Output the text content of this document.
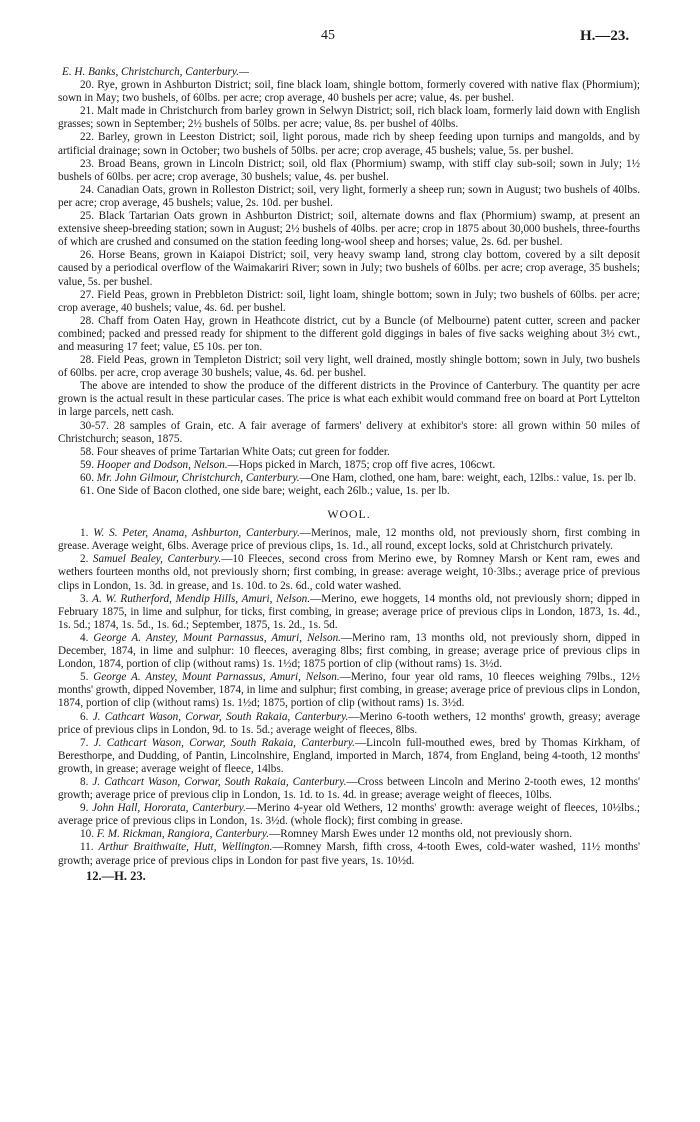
45	H.—23.

E. H. Banks, Christchurch, Canterbury.—

20. Rye, grown in Ashburton District; soil, fine black loam, shingle bottom, formerly covered with native flax (Phormium); sown in May; two bushels, of 60lbs. per acre; crop average, 40 bushels per acre; value, 4s. per bushel.

21. Malt made in Christchurch from barley grown in Selwyn District; soil, rich black loam, formerly laid down with English grasses; sown in September; 2½ bushels of 50lbs. per acre; value, 8s. per bushel of 40lbs.

22. Barley, grown in Leeston District; soil, light porous, made rich by sheep feeding upon turnips and mangolds, and by artificial drainage; sown in October; two bushels of 50lbs. per acre; crop average, 45 bushels; value, 5s. per bushel.

23. Broad Beans, grown in Lincoln District; soil, old flax (Phormium) swamp, with stiff clay sub-soil; sown in July; 1½ bushels of 60lbs. per acre; crop average, 30 bushels; value, 4s. per bushel.

24. Canadian Oats, grown in Rolleston District; soil, very light, formerly a sheep run; sown in August; two bushels of 40lbs. per acre; crop average, 45 bushels; value, 2s. 10d. per bushel.

25. Black Tartarian Oats grown in Ashburton District; soil, alternate downs and flax (Phormium) swamp, at present an extensive sheep-breeding station; sown in August; 2½ bushels of 40lbs. per acre; crop in 1875 about 30,000 bushels, three-fourths of which are crushed and consumed on the station feeding long-wool sheep and horses; value, 2s. 6d. per bushel.

26. Horse Beans, grown in Kaiapoi District; soil, very heavy swamp land, strong clay bottom, covered by a silt deposit caused by a periodical overflow of the Waimakariri River; sown in July; two bushels of 60lbs. per acre; crop average, 35 bushels; value, 5s. per bushel.

27. Field Peas, grown in Prebbleton District: soil, light loam, shingle bottom; sown in July; two bushels of 60lbs. per acre; crop average, 40 bushels; value, 4s. 6d. per bushel.

28. Chaff from Oaten Hay, grown in Heathcote district, cut by a Buncle (of Melbourne) patent cutter, screen and packer combined; packed and pressed ready for shipment to the different gold diggings in bales of five sacks weighing about 3½ cwt., and measuring 17 feet; value, £5 10s. per ton.

28. Field Peas, grown in Templeton District; soil very light, well drained, mostly shingle bottom; sown in July, two bushels of 60lbs. per acre, crop average 30 bushels; value, 4s. 6d. per bushel.

The above are intended to show the produce of the different districts in the Province of Canterbury. The quantity per acre grown is the actual result in these particular cases. The price is what each exhibit would command free on board at Port Lyttelton in large parcels, nett cash.

30-57. 28 samples of Grain, etc. A fair average of farmers' delivery at exhibitor's store: all grown within 50 miles of Christchurch; season, 1875.

58. Four sheaves of prime Tartarian White Oats; cut green for fodder.

59. Hooper and Dodson, Nelson.—Hops picked in March, 1875; crop off five acres, 106cwt.

60. Mr. John Gilmour, Christchurch, Canterbury.—One Ham, clothed, one ham, bare: weight, each, 12lbs.: value, 1s. per lb.

61. One Side of Bacon clothed, one side bare; weight, each 26lb.; value, 1s. per lb.

WOOL.

1. W. S. Peter, Anama, Ashburton, Canterbury.—Merinos, male, 12 months old, not previously shorn, first combing in grease. Average weight, 6lbs. Average price of previous clips, 1s. 1d., all round, except locks, sold at Christchurch privately.

2. Samuel Bealey, Canterbury.—10 Fleeces, second cross from Merino ewe, by Romney Marsh or Kent ram, ewes and wethers fourteen months old, not previously shorn; first combing, in grease: average weight, 10·3lbs.; average price of previous clips in London, 1s. 3d. in grease, and 1s. 10d. to 2s. 6d., cold water washed.

3. A. W. Rutherford, Mendip Hills, Amuri, Nelson.—Merino, ewe hoggets, 14 months old, not previously shorn; dipped in February 1875, in lime and sulphur, for ticks, first combing, in grease; average price of previous clips in London, 1873, 1s. 4d., 1s. 5d.; 1874, 1s. 5d., 1s. 6d.; September, 1875, 1s. 2d., 1s. 5d.

4. George A. Anstey, Mount Parnassus, Amuri, Nelson.—Merino ram, 13 months old, not previously shorn, dipped in December, 1874, in lime and sulphur: 10 fleeces, averaging 8lbs; first combing, in grease; average price of previous clips in London, 1874, portion of clip (without rams) 1s. 1½d; 1875 portion of clip (without rams) 1s. 3½d.

5. George A. Anstey, Mount Parnassus, Amuri, Nelson.—Merino, four year old rams, 10 fleeces weighing 79lbs., 12½ months' growth, dipped November, 1874, in lime and sulphur; first combing, in grease; average price of previous clips in London, 1874, portion of clip (without rams) 1s. 1½d; 1875, portion of clip (without rams) 1s. 3½d.

6. J. Cathcart Wason, Corwar, South Rakaia, Canterbury.—Merino 6-tooth wethers, 12 months' growth, greasy; average price of previous clips in London, 9d. to 1s. 5d.; average weight of fleeces, 8lbs.

7. J. Cathcart Wason, Corwar, South Rakaia, Canterbury.—Lincoln full-mouthed ewes, bred by Thomas Kirkham, of Beresthorpe, and Dudding, of Pantin, Lincolnshire, England, imported in March, 1874, from England, being 4-tooth, 12 months' growth, in grease; average weight of fleece, 14lbs.

8. J. Cathcart Wason, Corwar, South Rakaia, Canterbury.—Cross between Lincoln and Merino 2-tooth ewes, 12 months' growth; average price of previous clip in London, 1s. 1d. to 1s. 4d. in grease; average weight of fleeces, 10lbs.

9. John Hall, Hororata, Canterbury.—Merino 4-year old Wethers, 12 months' growth: average weight of fleeces, 10½lbs.; average price of previous clips in London, 1s. 3½d. (whole flock); first combing in grease.

10. F. M. Rickman, Rangiora, Canterbury.—Romney Marsh Ewes under 12 months old, not previously shorn.

11. Arthur Braithwaite, Hutt, Wellington.—Romney Marsh, fifth cross, 4-tooth Ewes, cold-water washed, 11½ months' growth; average price of previous clips in London for past five years, 1s. 10½d.

12.—H. 23.
